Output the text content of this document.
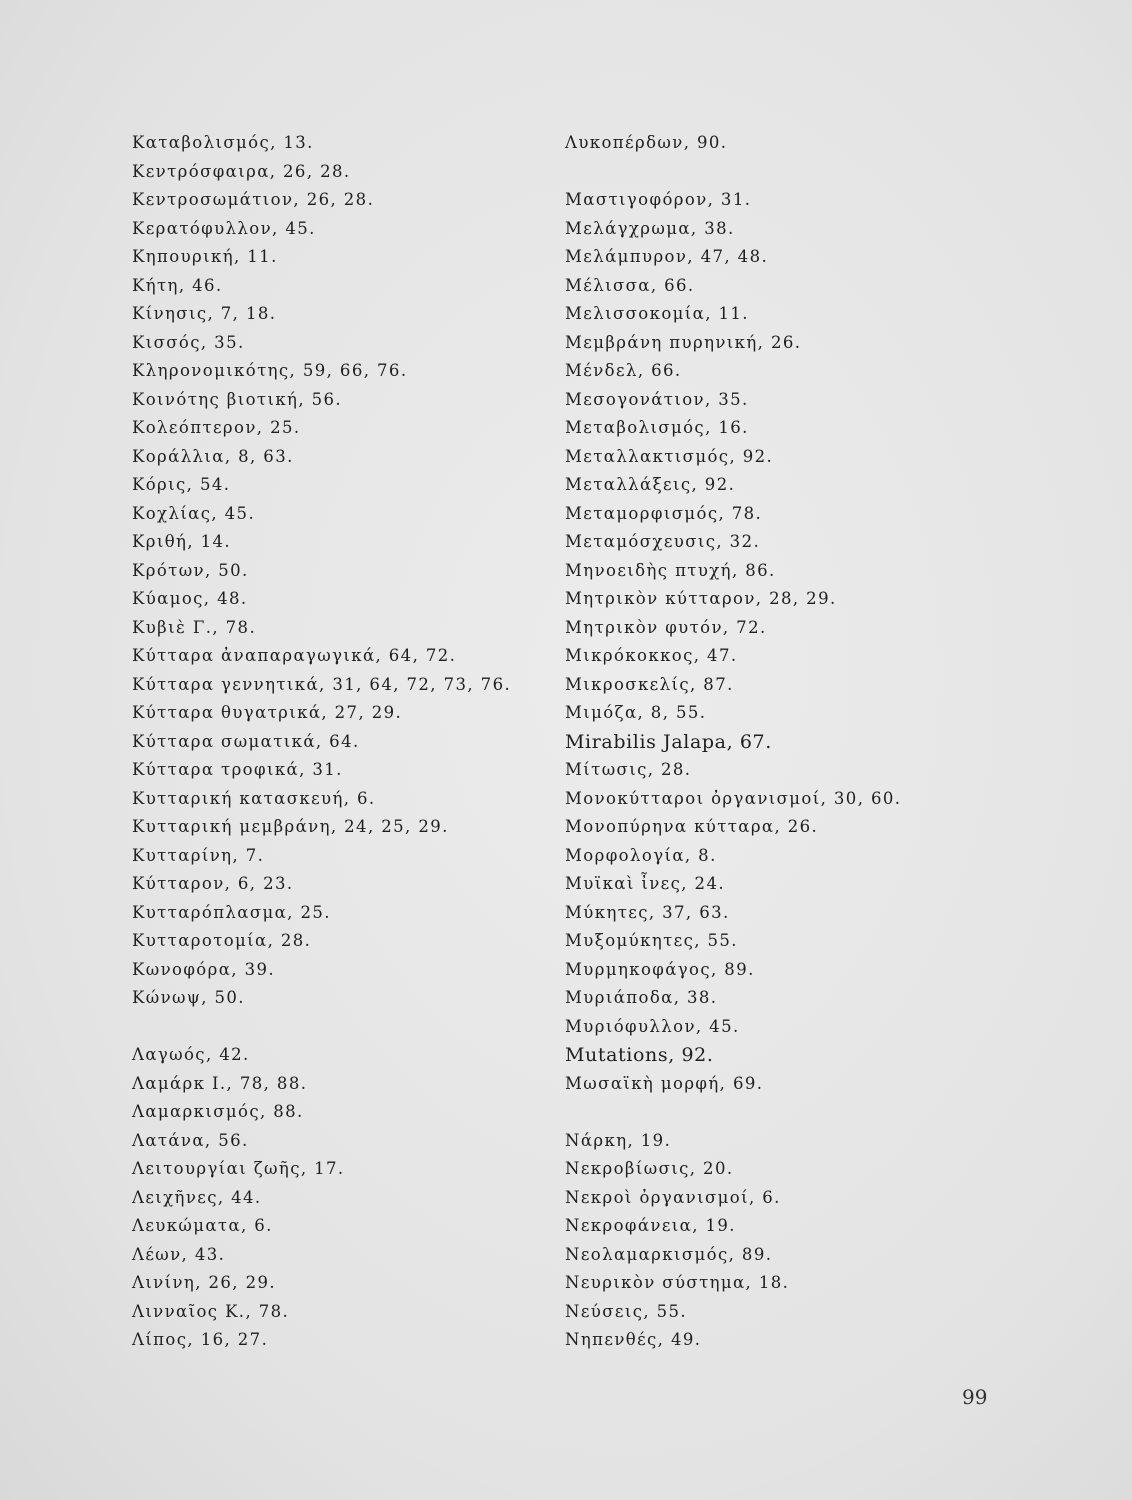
Καταβολισμός, 13.
Κεντρόσφαιρα, 26, 28.
Κεντροσωμάτιον, 26, 28.
Κερατόφυλλον, 45.
Κηπουρική, 11.
Κήτη, 46.
Κίνησις, 7, 18.
Κισσός, 35.
Κληρονομικότης, 59, 66, 76.
Κοινότης βιοτική, 56.
Κολεόπτερον, 25.
Κοράλλια, 8, 63.
Κόρις, 54.
Κοχλίας, 45.
Κριθή, 14.
Κρότων, 50.
Κύαμος, 48.
Κυβιὲ Γ., 78.
Κύτταρα ἀναπαραγωγικά, 64, 72.
Κύτταρα γεννητικά, 31, 64, 72, 73, 76.
Κύτταρα θυγατρικά, 27, 29.
Κύτταρα σωματικά, 64.
Κύτταρα τροφικά, 31.
Κυτταρική κατασκευή, 6.
Κυτταρική μεμβράνη, 24, 25, 29.
Κυτταρίνη, 7.
Κύτταρον, 6, 23.
Κυτταρόπλασμα, 25.
Κυτταροτομία, 28.
Κωνοφόρα, 39.
Κώνωψ, 50.
Λαγωός, 42.
Λαμάρκ Ι., 78, 88.
Λαμαρκισμός, 88.
Λατάνα, 56.
Λειτουργίαι ζωῆς, 17.
Λειχῆνες, 44.
Λευκώματα, 6.
Λέων, 43.
Λινίνη, 26, 29.
Λινναῖος Κ., 78.
Λίπος, 16, 27.
Λυκοπέρδων, 90.
Μαστιγοφόρον, 31.
Μελάγχρωμα, 38.
Μελάμπυρον, 47, 48.
Μέλισσα, 66.
Μελισσοκομία, 11.
Μεμβράνη πυρηνική, 26.
Μένδελ, 66.
Μεσογονάτιον, 35.
Μεταβολισμός, 16.
Μεταλλακτισμός, 92.
Μεταλλάξεις, 92.
Μεταμορφισμός, 78.
Μεταμόσχευσις, 32.
Μηνοειδὴς πτυχή, 86.
Μητρικὸν κύτταρον, 28, 29.
Μητρικὸν φυτόν, 72.
Μικρόκοκκος, 47.
Μικροσκελίς, 87.
Μιμόζα, 8, 55.
Mirabilis Jalapa, 67.
Μίτωσις, 28.
Μονοκύτταροι ὀργανισμοί, 30, 60.
Μονοπύρηνα κύτταρα, 26.
Μορφολογία, 8.
Μυϊκαὶ ἶνες, 24.
Μύκητες, 37, 63.
Μυξομύκητες, 55.
Μυρμηκοφάγος, 89.
Μυριάποδα, 38.
Μυριόφυλλον, 45.
Mutations, 92.
Μωσαϊκὴ μορφή, 69.
Νάρκη, 19.
Νεκροβίωσις, 20.
Νεκροὶ ὀργανισμοί, 6.
Νεκροφάνεια, 19.
Νεολαμαρκισμός, 89.
Νευρικὸν σύστημα, 18.
Νεύσεις, 55.
Νηπενθές, 49.
99
